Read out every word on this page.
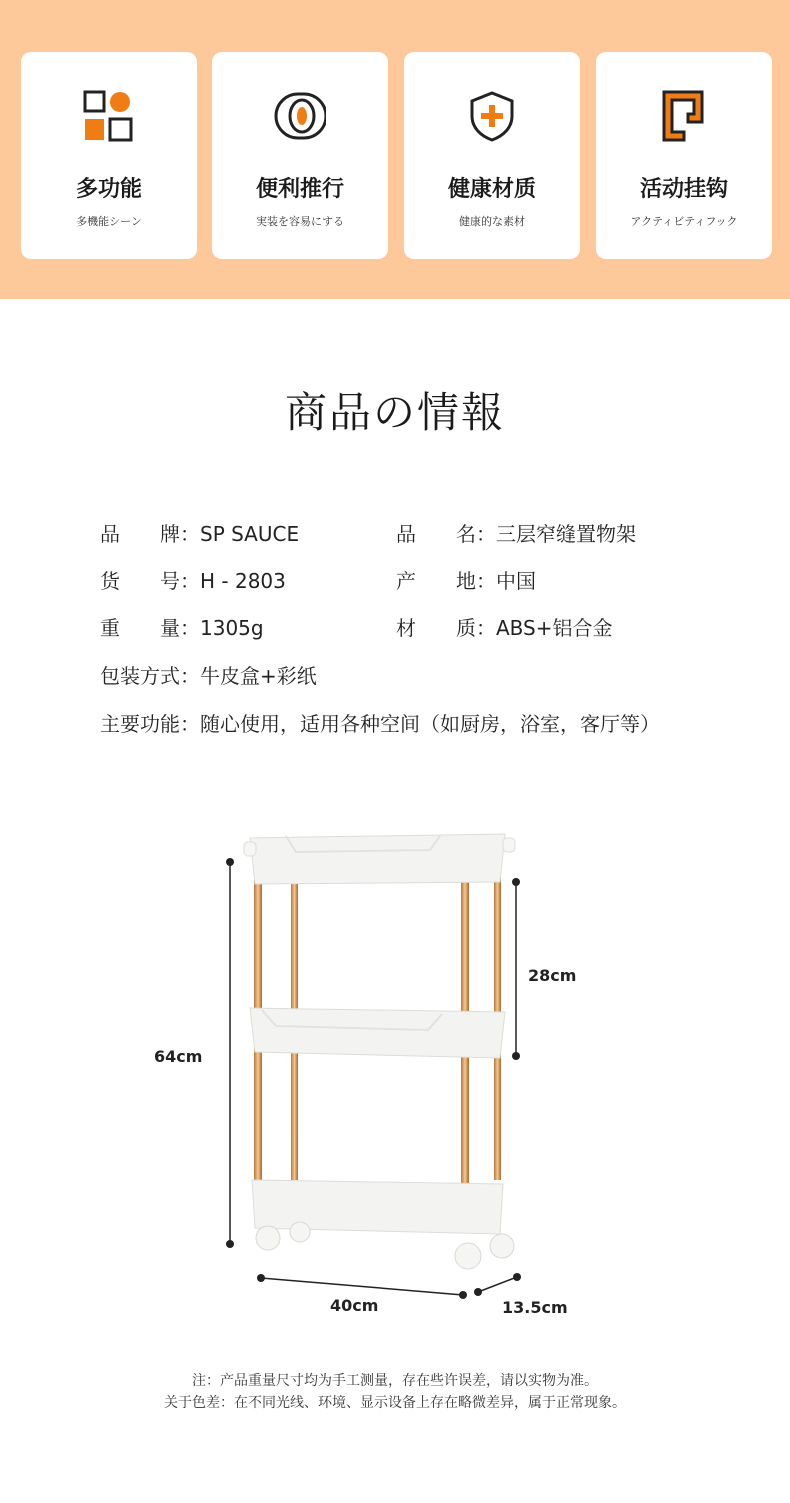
多功能
多機能シーン
便利推行
実装を容易にする
健康材质
健康的な素材
活动挂钩
アクティビティフック
商品の情報
品　　牌：SP SAUCE	品　　名：三层窄缝置物架
货　　号：H - 2803	产　　地：中国
重　　量：1305g	材　　质：ABS+铝合金
包装方式：牛皮盒+彩纸
主要功能：随心使用，适用各种空间（如厨房，浴室，客厅等）
64cm
28cm
40cm	13.5cm
注：产品重量尺寸均为手工测量，存在些许误差，请以实物为准。
关于色差：在不同光线、环境、显示设备上存在略微差异，属于正常现象。
